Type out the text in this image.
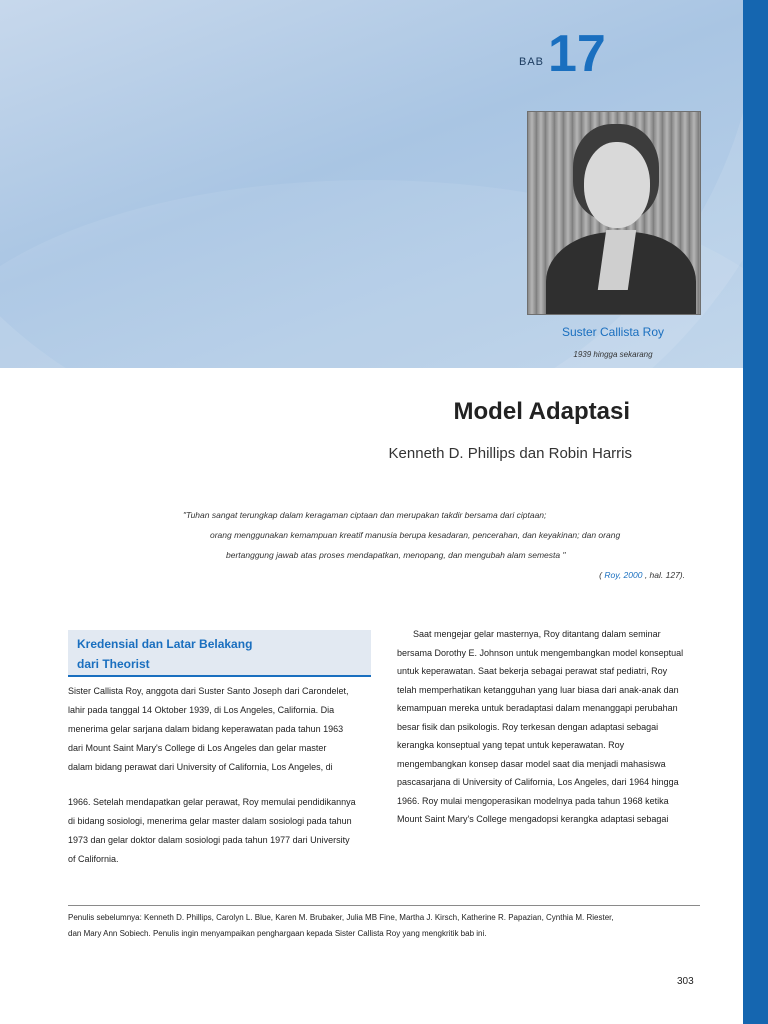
$^{BAB}$17
Suster Callista Roy
1939 hingga sekarang
Model Adaptasi
Kenneth D. Phillips dan Robin Harris
"Tuhan sangat terungkap dalam keragaman ciptaan dan merupakan takdir bersama dari ciptaan;
orang menggunakan kemampuan kreatif manusia berupa kesadaran, pencerahan, dan keyakinan; dan orang
bertanggung jawab atas proses mendapatkan, menopang, dan mengubah alam semesta "
( Roy, 2000 , hal. 127).
Kredensial dan Latar Belakang
dari Theorist

Sister Callista Roy, anggota dari Suster Santo Joseph dari Carondelet,

lahir pada tanggal 14 Oktober 1939, di Los Angeles, California. Dia

menerima gelar sarjana dalam bidang keperawatan pada tahun 1963

dari Mount Saint Mary's College di Los Angeles dan gelar master

dalam bidang perawat dari University of California, Los Angeles, di

1966. Setelah mendapatkan gelar perawat, Roy memulai pendidikannya

di bidang sosiologi, menerima gelar master dalam sosiologi pada tahun

1973 dan gelar doktor dalam sosiologi pada tahun 1977 dari University

of California.

Saat mengejar gelar masternya, Roy ditantang dalam seminar

bersama Dorothy E. Johnson untuk mengembangkan model konseptual

untuk keperawatan. Saat bekerja sebagai perawat staf pediatri, Roy

telah memperhatikan ketangguhan yang luar biasa dari anak-anak dan

kemampuan mereka untuk beradaptasi dalam menanggapi perubahan

besar fisik dan psikologis. Roy terkesan dengan adaptasi sebagai

kerangka konseptual yang tepat untuk keperawatan. Roy

mengembangkan konsep dasar model saat dia menjadi mahasiswa

pascasarjana di University of California, Los Angeles, dari 1964 hingga

1966. Roy mulai mengoperasikan modelnya pada tahun 1968 ketika

Mount Saint Mary's College mengadopsi kerangka adaptasi sebagai

Penulis sebelumnya: Kenneth D. Phillips, Carolyn L. Blue, Karen M. Brubaker, Julia MB Fine, Martha J. Kirsch, Katherine R. Papazian, Cynthia M. Riester,
dan Mary Ann Sobiech. Penulis ingin menyampaikan penghargaan kepada Sister Callista Roy yang mengkritik bab ini.
303
